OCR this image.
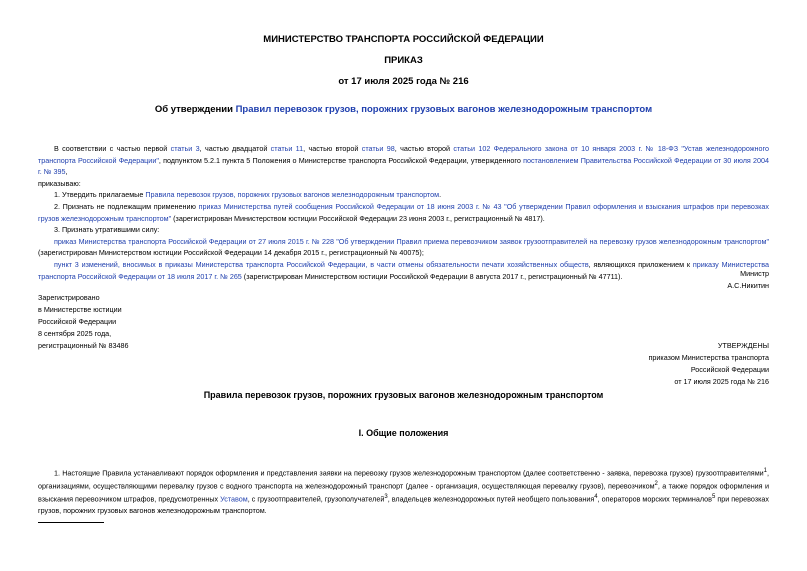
МИНИСТЕРСТВО ТРАНСПОРТА РОССИЙСКОЙ ФЕДЕРАЦИИ
ПРИКАЗ
от 17 июля 2025 года № 216
Об утверждении Правил перевозок грузов, порожних грузовых вагонов железнодорожным транспортом

В соответствии с частью первой статьи 3, частью двадцатой статьи 11, частью второй статьи 98, частью второй статьи 102 Федерального закона от 10 января 2003 г. № 18-ФЗ "Устав железнодорожного транспорта Российской Федерации", подпунктом 5.2.1 пункта 5 Положения о Министерстве транспорта Российской Федерации, утвержденного постановлением Правительства Российской Федерации от 30 июля 2004 г. № 395,

приказываю:

1. Утвердить прилагаемые Правила перевозок грузов, порожних грузовых вагонов железнодорожным транспортом.

2. Признать не подлежащим применению приказ Министерства путей сообщения Российской Федерации от 18 июня 2003 г. № 43 "Об утверждении Правил оформления и взыскания штрафов при перевозках грузов железнодорожным транспортом" (зарегистрирован Министерством юстиции Российской Федерации 23 июня 2003 г., регистрационный № 4817).

3. Признать утратившими силу:

приказ Министерства транспорта Российской Федерации от 27 июля 2015 г. № 228 "Об утверждении Правил приема перевозчиком заявок грузоотправителей на перевозку грузов железнодорожным транспортом" (зарегистрирован Министерством юстиции Российской Федерации 14 декабря 2015 г., регистрационный № 40075);

пункт 3 изменений, вносимых в приказы Министерства транспорта Российской Федерации, в части отмены обязательности печати хозяйственных обществ, являющихся приложением к приказу Министерства транспорта Российской Федерации от 18 июля 2017 г. № 265 (зарегистрирован Министерством юстиции Российской Федерации 8 августа 2017 г., регистрационный № 47711).	Министр
А.С.Никитин
Зарегистрировано
в Министерстве юстиции
Российской Федерации
8 сентября 2025 года,
регистрационный № 83486	УТВЕРЖДЕНЫ
приказом Министерства транспорта
Российской Федерации
от 17 июля 2025 года № 216
Правила перевозок грузов, порожних грузовых вагонов железнодорожным транспортом
I. Общие положения

1. Настоящие Правила устанавливают порядок оформления и представления заявки на перевозку грузов железнодорожным транспортом (далее соответственно - заявка, перевозка грузов) грузоотправителями$^1$, организациями, осуществляющими перевалку грузов с водного транспорта на железнодорожный транспорт (далее - организация, осуществляющая перевалку грузов), перевозчиком$^2$, а также порядок оформления и взыскания перевозчиком штрафов, предусмотренных Уставом, с грузоотправителей, грузополучателей$^3$, владельцев железнодорожных путей необщего пользования$^4$, операторов морских терминалов$^5$ при перевозках грузов, порожних грузовых вагонов железнодорожным транспортом.
